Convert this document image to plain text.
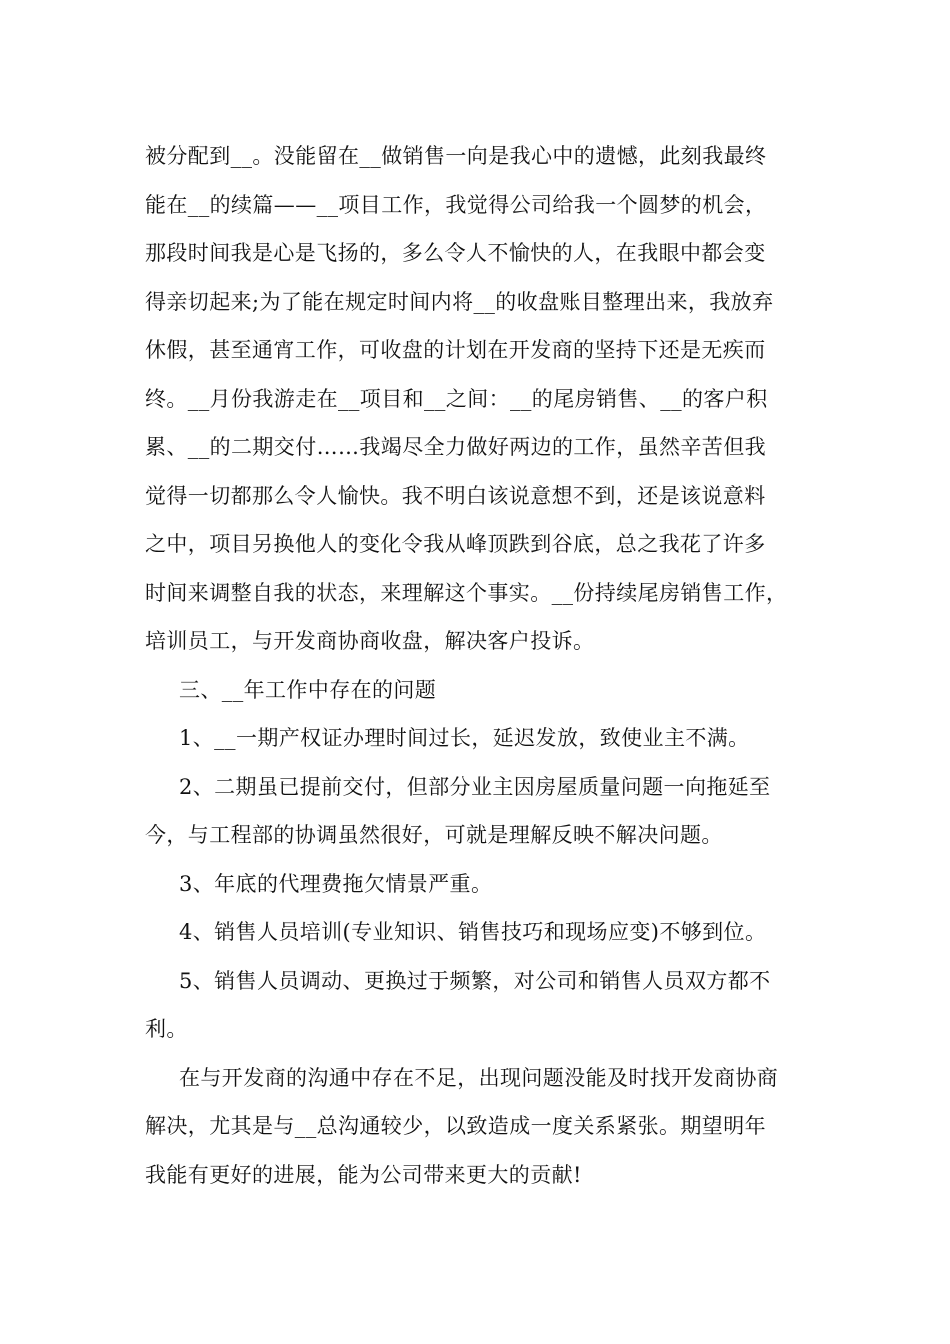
被分配到__。没能留在__做销售一向是我心中的遗憾，此刻我最终
能在__的续篇——__项目工作，我觉得公司给我一个圆梦的机会，
那段时间我是心是飞扬的，多么令人不愉快的人，在我眼中都会变
得亲切起来;为了能在规定时间内将__的收盘账目整理出来，我放弃
休假，甚至通宵工作，可收盘的计划在开发商的坚持下还是无疾而
终。__月份我游走在__项目和__之间：__的尾房销售、__的客户积
累、__的二期交付……我竭尽全力做好两边的工作，虽然辛苦但我
觉得一切都那么令人愉快。我不明白该说意想不到，还是该说意料
之中，项目另换他人的变化令我从峰顶跌到谷底，总之我花了许多
时间来调整自我的状态，来理解这个事实。__份持续尾房销售工作，
培训员工，与开发商协商收盘，解决客户投诉。
三、__年工作中存在的问题
1、__一期产权证办理时间过长，延迟发放，致使业主不满。
2、二期虽已提前交付，但部分业主因房屋质量问题一向拖延至
今，与工程部的协调虽然很好，可就是理解反映不解决问题。
3、年底的代理费拖欠情景严重。
4、销售人员培训(专业知识、销售技巧和现场应变)不够到位。
5、销售人员调动、更换过于频繁，对公司和销售人员双方都不
利。
在与开发商的沟通中存在不足，出现问题没能及时找开发商协商
解决，尤其是与__总沟通较少，以致造成一度关系紧张。期望明年
我能有更好的进展，能为公司带来更大的贡献!
